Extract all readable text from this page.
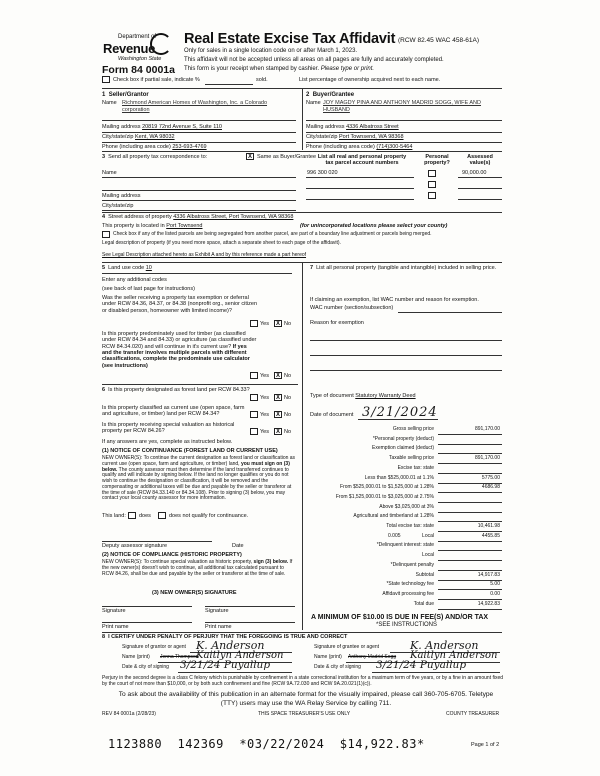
Department of
Revenue
Washington State
Form 84 0001a
Real Estate Excise Tax Affidavit (RCW 82.45 WAC 458-61A)
Only for sales in a single location code on or after March 1, 2023.
This affidavit will not be accepted unless all areas on all pages are fully and accurately completed.
This form is your receipt when stamped by cashier. Please type or print.
Check box if partial sale, indicate %	sold.	List percentage of ownership acquired next to each name.
1 Seller/Grantor
Name Richmond American Homes of Washington, Inc. a Colorado
corporation
Mailing address 20819 72nd Avenue S, Suite 110
City/state/zip Kent, WA 98032
Phone (including area code) 253-693-4769
2 Buyer/Grantee
Name JOY MAGDY PINA AND ANTHONY MADRID SOGG, WIFE AND
HUSBAND
Mailing address 4336 Albatross Street
City/state/zip Port Townsend, WA 98368
Phone (including area code) (714)300-5464
3 Send all property tax correspondence to:	X Same as Buyer/Grantee
Name
Mailing address
City/state/zip
List all real and personal property
tax parcel account numbers
Personal
property?
Assessed
value(s)
996 300 020	90,000.00
4 Street address of property 4336 Albatross Street, Port Townsend, WA 98368
This property is located in Port Townsend	(for unincorporated locations please select your county)
Check box if any of the listed parcels are being segregated from another parcel, are part of a boundary line adjustment or parcels being merged.
Legal description of property (if you need more space, attach a separate sheet to each page of the affidavit).
See Legal Description attached hereto as Exhibit A and by this reference made a part hereof
5 Land use code 10
Enter any additional codes
(see back of last page for instructions)
Was the seller receiving a property tax exemption or deferral under RCW 84.36, 84.37, or 84.38 (nonprofit org., senior citizen or disabled person, homeowner with limited income)?
Yes	X No
Is this property predominately used for timber (as classified under RCW 84.34 and 84.33) or agriculture (as classified under RCW 84.34.020) and will continue in it's current use? If yes and the transfer involves multiple parcels with different classifications, complete the predominate use calculator (see instructions)
Yes	X No
6 Is this property designated as forest land per RCW 84.33?
Yes	X No
Is this property classified as current use (open space, farm and agriculture, or timber) land per RCW 84.34?	Yes	X No
Is this property receiving special valuation as historical property per RCW 84.26?	Yes	X No
If any answers are yes, complete as instructed below.
(1) NOTICE OF CONTINUANCE (FOREST LAND OR CURRENT USE)
NEW OWNER(S): To continue the current designation as forest land or classification as current use (open space, farm and agriculture, or timber) land, you must sign on (3) below. The county assessor must then determine if the land transferred continues to qualify and will indicate by signing below. If the land no longer qualifies or you do not wish to continue the designation or classification, it will be removed and the compensating or additional taxes will be due and payable by the seller or transferor at the time of sale (RCW 84.33.140 or 84.34.108). Prior to signing (3) below, you may contact your local county assessor for more information.
This land: does	does not qualify for continuance.
Deputy assessor signature	Date
(2) NOTICE OF COMPLIANCE (HISTORIC PROPERTY)
NEW OWNER(S): To continue special valuation as historic property, sign (3) below. If the new owner(s) doesn't wish to continue, all additional tax calculated pursuant to RCW 84.26, shall be due and payable by the seller or transferor at the time of sale.
(3) NEW OWNER(S) SIGNATURE
Signature	Signature
Print name	Print name
7 List all personal property (tangible and intangible) included in selling price.
If claiming an exemption, list WAC number and reason for exemption.
WAC number (section/subsection)
Reason for exemption
Type of document Statutory Warranty Deed
Date of document 3/21/2024
Gross selling price	891,170.00
*Personal property (deduct)
Exemption claimed (deduct)
Taxable selling price	891,170.00
Excise tax: state
Less than $525,000.01 at 1.1%	5775.00
From $525,000.01 to $1,525,000 at 1.28%	4686.98
From $1,525,000.01 to $3,025,000 at 2.75%
Above $3,025,000 at 3%
Agricultural and timberland at 1.28%
Total excise tax: state	10,461.98
Local
0.005	4455.85
*Delinquent interest: state
Local
*Delinquent penalty
Subtotal	14,917.83
*State technology fee	5.00
Affidavit processing fee	0.00
Total due	14,922.83
A MINIMUM OF $10.00 IS DUE IN FEE(S) AND/OR TAX
*SEE INSTRUCTIONS
8 I CERTIFY UNDER PENALTY OF PERJURY THAT THE FOREGOING IS TRUE AND CORRECT
Signature of grantor or agent K. Anderson
Name (print) Jenna Thompson
Kaitlyn Anderson
Date & city of signing 3/21/24 Puyallup
Signature of grantee or agent	K. Anderson
Name (print) Anthony Madrid Sogg Kaitlyn Anderson
Date & city of signing 3/21/24 Puyallup
Perjury in the second degree is a class C felony which is punishable by confinement in a state correctional institution for a maximum term of five years, or by a fine in an amount fixed by the court of not more than $10,000, or by both such confinement and fine (RCW 9A.72.030 and RCW 9A.20.021(1)(c)).
To ask about the availability of this publication in an alternate format for the visually impaired, please call 360-705-6705. Teletype
(TTY) users may use the WA Relay Service by calling 711.
REV 84 0001a (2/28/23)	THIS SPACE TREASURER'S USE ONLY	COUNTY TREASURER
1123880  142369  *03/22/2024  $14,922.83*	Page 1 of 2
